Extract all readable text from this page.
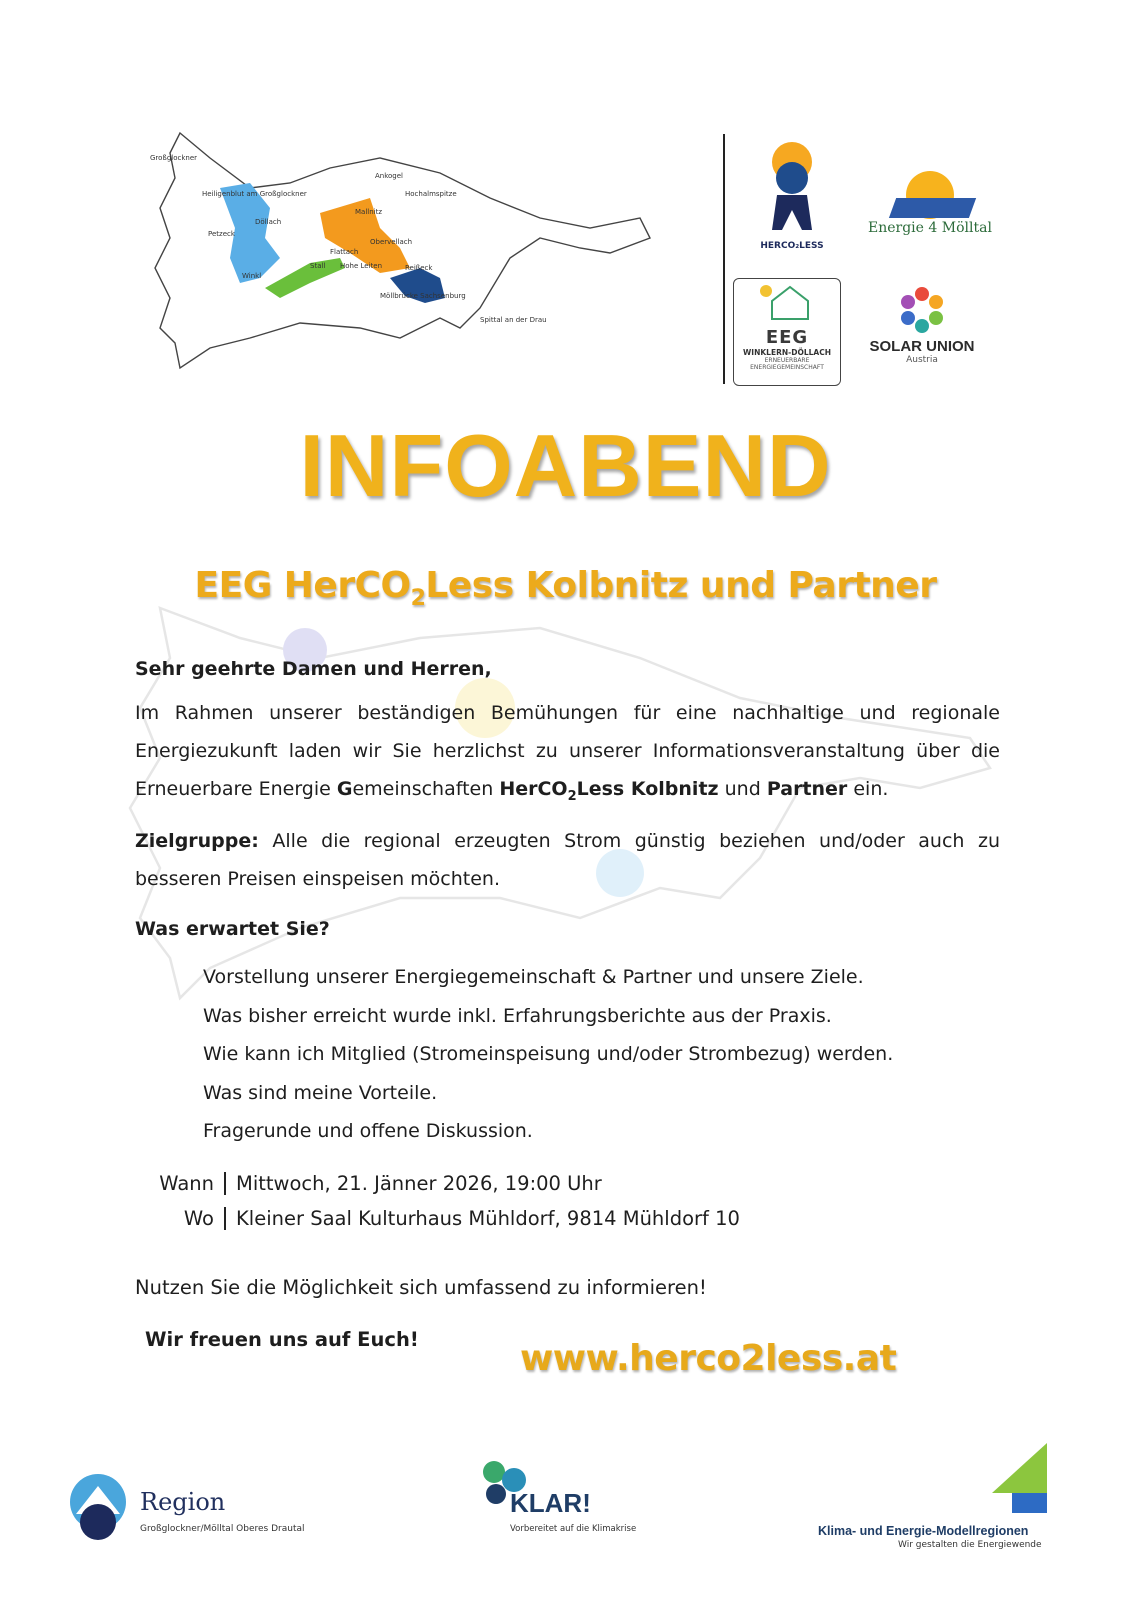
Großglockner
Heiligenblut am Großglockner
Döllach
Petzeck
Winkl
Ankogel
Hochalmspitze
Mallnitz
Obervellach
Flattach
Stall Hohe Leiten	Reißeck
Möllbrücke Sachsenburg
Spittal an der Drau
HERCO₂LESS
Energie 4 Mölltal
EEG
WINKLERN-DÖLLACH
ERNEUERBARE
ENERGIEGEMEINSCHAFT
SOLAR UNION
Austria
INFOABEND
EEG HerCO$_2$Less Kolbnitz und Partner
Sehr geehrte Damen und Herren,
Im Rahmen unserer beständigen Bemühungen für eine nachhaltige und regionale Energiezukunft laden wir Sie herzlichst zu unserer Informationsveranstaltung über die Erneuerbare Energie Gemeinschaften HerCO$_2$Less Kolbnitz und Partner ein.
Zielgruppe: Alle die regional erzeugten Strom günstig beziehen und/oder auch zu besseren Preisen einspeisen möchten.
Was erwartet Sie?
Vorstellung unserer Energiegemeinschaft & Partner und unsere Ziele.
Was bisher erreicht wurde inkl. Erfahrungsberichte aus der Praxis.
Wie kann ich Mitglied (Stromeinspeisung und/oder Strombezug) werden.
Was sind meine Vorteile.
Fragerunde und offene Diskussion.
Wann	Mittwoch, 21. Jänner 2026, 19:00 Uhr
Wo	Kleiner Saal Kulturhaus Mühldorf, 9814 Mühldorf 10
Nutzen Sie die Möglichkeit sich umfassend zu informieren!
Wir freuen uns auf Euch!	www.herco2less.at
Region
Großglockner/Mölltal Oberes Drautal
KLAR!
Vorbereitet auf die Klimakrise	Klima- und Energie-Modellregionen
Wir gestalten die Energiewende
